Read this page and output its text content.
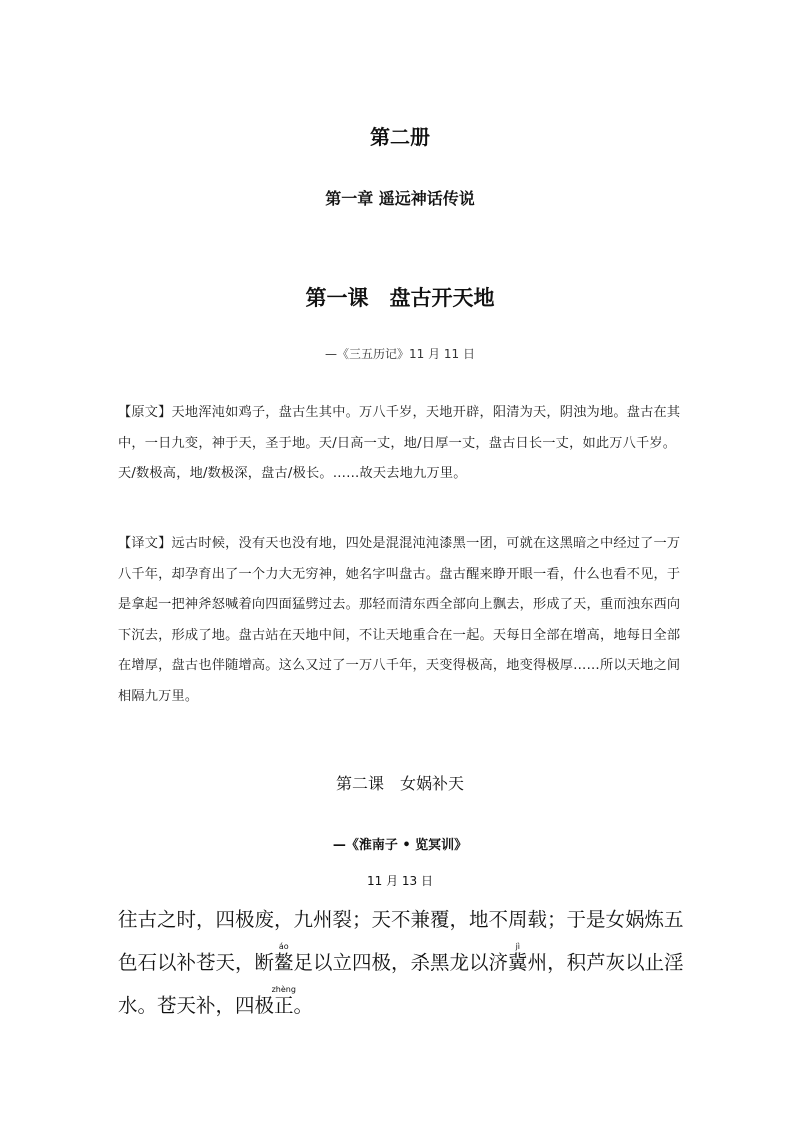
第二册
第一章 遥远神话传说
第一课　盘古开天地
—《三五历记》11 月 11 日
【原文】天地浑沌如鸡子，盘古生其中。万八千岁，天地开辟，阳清为天，阴浊为地。盘古在其中，一日九变，神于天，圣于地。天/日高一丈，地/日厚一丈，盘古日长一丈，如此万八千岁。天/数极高，地/数极深，盘古/极长。……故天去地九万里。
【译文】远古时候，没有天也没有地，四处是混混沌沌漆黑一团，可就在这黑暗之中经过了一万八千年，却孕育出了一个力大无穷神，她名字叫盘古。盘古醒来睁开眼一看，什么也看不见，于是拿起一把神斧怒喊着向四面猛劈过去。那轻而清东西全部向上飘去，形成了天，重而浊东西向下沉去，形成了地。盘古站在天地中间，不让天地重合在一起。天每日全部在增高，地每日全部在增厚，盘古也伴随增高。这么又过了一万八千年，天变得极高，地变得极厚……所以天地之间相隔九万里。
第二课　女娲补天
—《淮南子 • 览冥训》
11 月 13 日
往古之时，四极废，九州裂；天不兼覆，地不周载；于是女娲炼五色石以补苍天，断鳌áo足以立四极，杀黑龙以济冀jì州，积芦灰以止淫水。苍天补，四极正zhèng。
